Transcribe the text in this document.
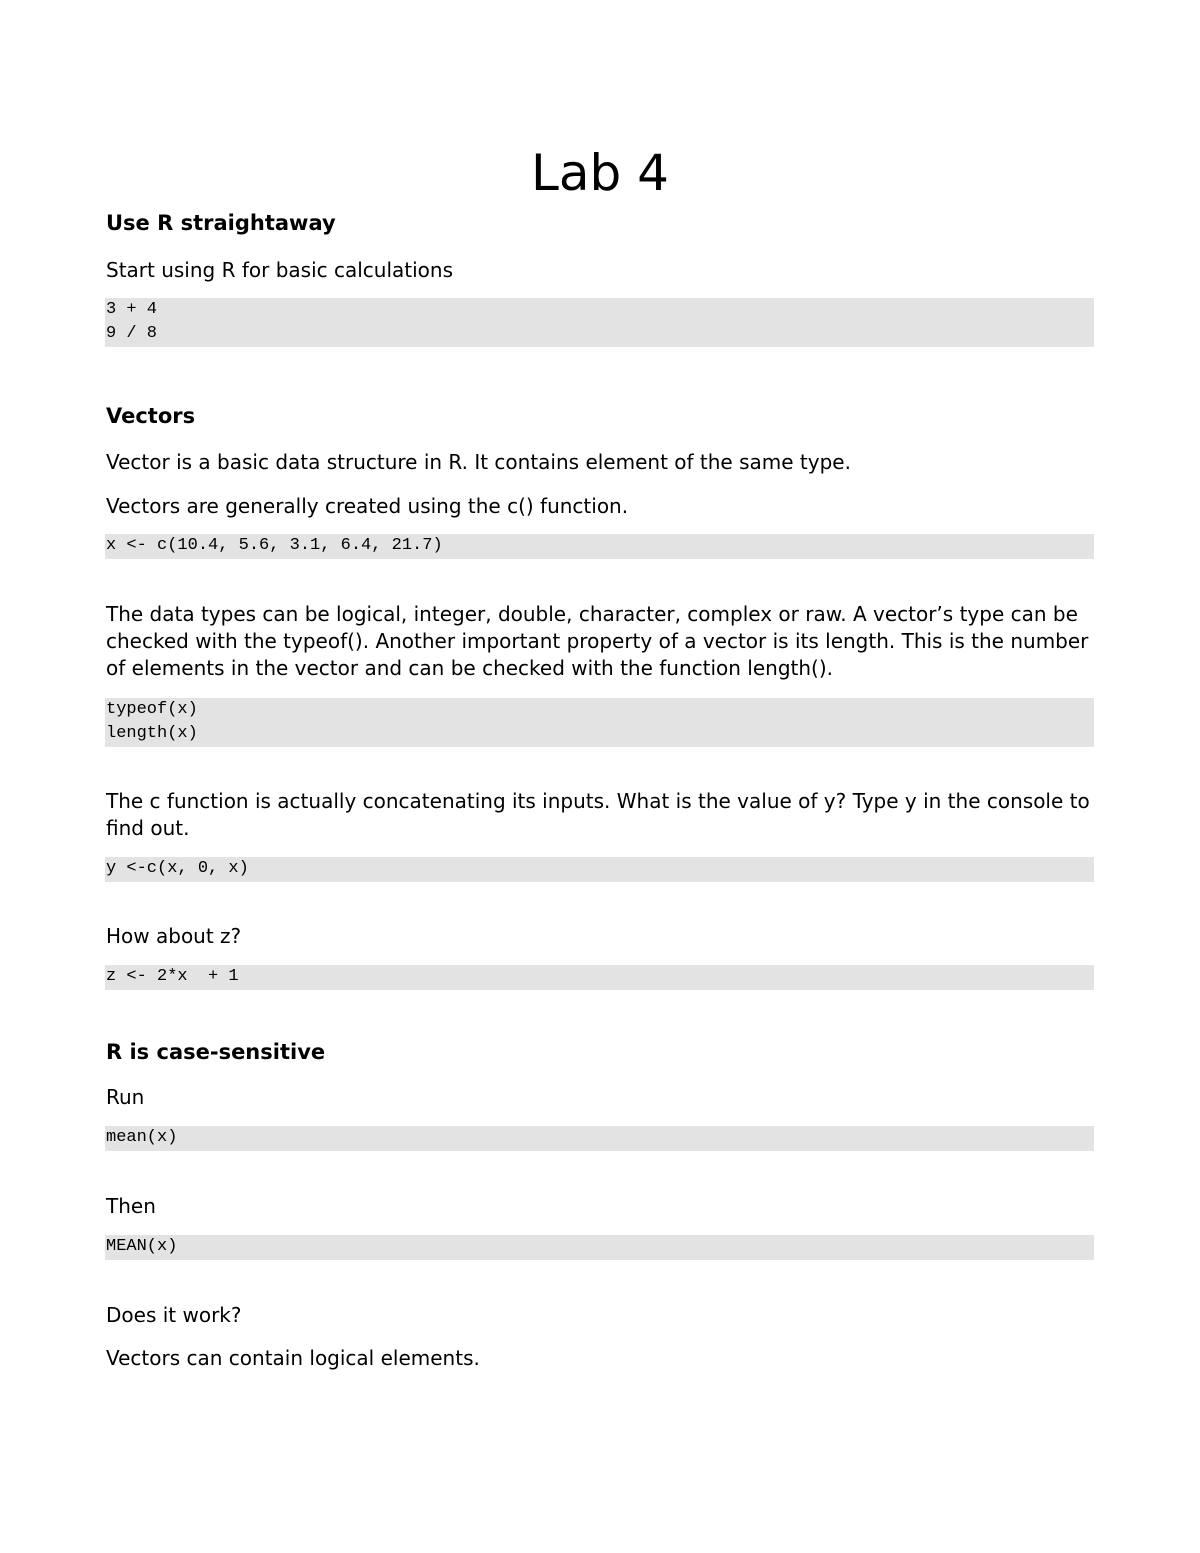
Lab 4
Use R straightaway
Start using R for basic calculations
3 + 4
9 / 8
Vectors
Vector is a basic data structure in R. It contains element of the same type.
Vectors are generally created using the c() function.
x <- c(10.4, 5.6, 3.1, 6.4, 21.7)
The data types can be logical, integer, double, character, complex or raw. A vector’s type can be checked with the typeof(). Another important property of a vector is its length. This is the number of elements in the vector and can be checked with the function length().
typeof(x)
length(x)
The c function is actually concatenating its inputs. What is the value of y? Type y in the console to find out.
y <-c(x, 0, x)
How about z?
z <- 2*x  + 1
R is case-sensitive
Run
mean(x)
Then
MEAN(x)
Does it work?
Vectors can contain logical elements.
